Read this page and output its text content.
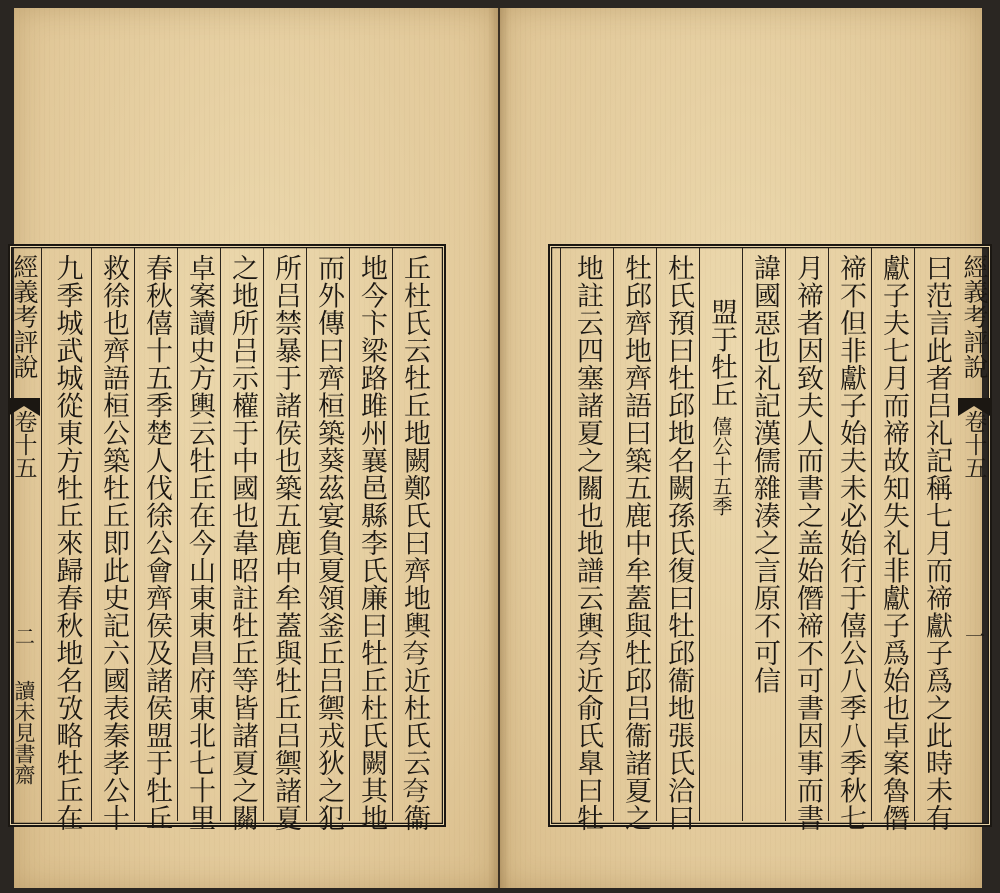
經義考評說
卷十五
二
讀未見書齋	丘杜氏云牡丘地闕鄭氏曰齊地輿𡗝近杜氏云𡗝衞
地今卞梁路雎州襄邑縣李氏廉曰牡丘杜氏闕其地
而外傳曰齊桓築葵茲宴負夏領釜丘吕禦戎狄之犯
所吕禁暴于諸侯也築五鹿中牟蓋與牡丘吕禦諸夏
之地所吕示權于中國也韋昭註牡丘等皆諸夏之關
卓案讀史方輿云牡丘在今山東東昌府東北七十里
春秋僖十五季楚人伐徐公會齊侯及諸侯盟于牡丘
救徐也齊語桓公築牡丘即此史記六國表秦孝公十
九季城武城從東方牡丘來歸春秋地名攷略牡丘在	經義考評說
卷十五
一
曰范言此者吕礼記稱七月而禘獻子爲之此時未有
獻子夫七月而禘故知失礼非獻子爲始也卓案魯僭
禘不但非獻子始夫未必始行于僖公八季八季秋七
月禘者因致夫人而書之盖始僭禘不可書因事而書
諱國惡也礼記漢儒雜湊之言原不可信
盟于牡丘
僖公十五季
杜氏預曰牡邱地名闕孫氏復曰牡邱衞地張氏洽曰
牡邱齊地齊語曰築五鹿中牟蓋與牡邱吕衞諸夏之
地註云四塞諸夏之關也地譜云輿𡗝近俞氏臯曰牡
